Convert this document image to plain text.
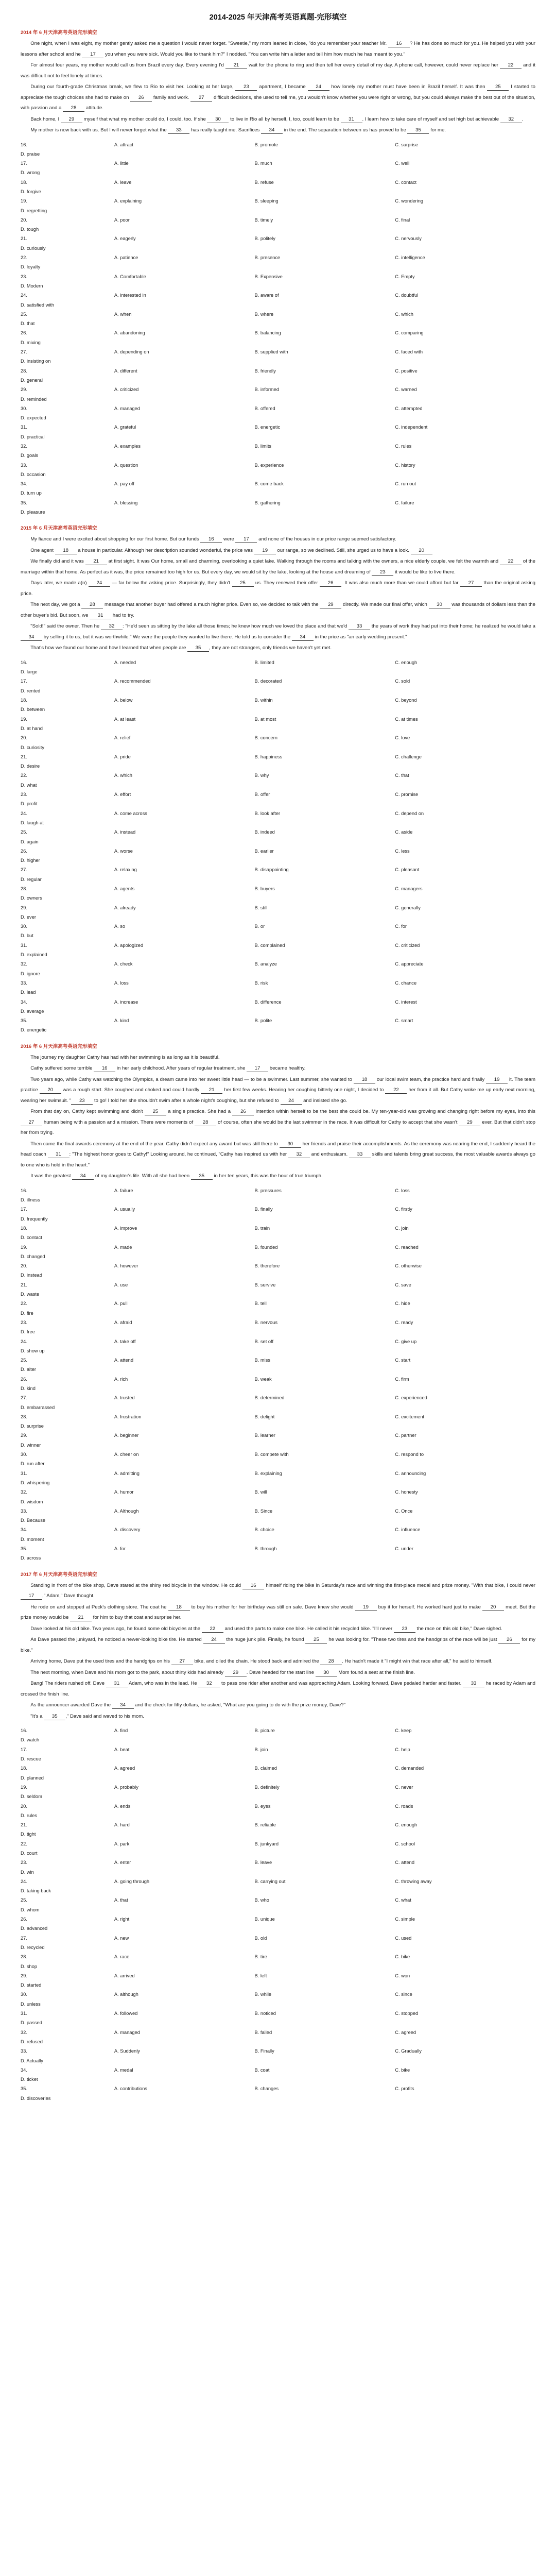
2014-2025 年天津高考英语真题-完形填空
2014 年 6 月天津高考英语完形填空

One night, when I was eight, my mother gently asked me a question I would never forget. "Sweetie," my mom leaned in close, "do you remember your teacher Mr. 16 ? He has done so much for you. He helped you with your lessons after school and he 17 you when you were sick. Would you like to thank him?" I nodded. "You can write him a letter and tell him how much he has meant to you."

For almost four years, my mother would call us from Brazil every day. Every evening I'd 21 wait for the phone to ring and then tell her every detail of my day. A phone call, however, could never replace her 22 and it was difficult not to feel lonely at times.

During our fourth-grade Christmas break, we flew to Rio to visit her. Looking at her large, 23 apartment, I became 24 how lonely my mother must have been in Brazil herself. It was then 25 I started to appreciate the tough choices she had to make on 26 family and work. 27 difficult decisions, she used to tell me, you wouldn't know whether you were right or wrong, but you could always make the best out of the situation, with passion and a 28 attitude.

Back home, I 29 myself that what my mother could do, I could, too. If she 30 to live in Rio all by herself, I, too, could learn to be 31 . I learn how to take care of myself and set high but achievable 32 .

My mother is now back with us. But I will never forget what the 33 has really taught me. Sacrifices 34 in the end. The separation between us has proved to be 35 for me.

16.	A. attract	B. promote	C. surprise
D. praise
17.	A. little	B. much	C. well
D. wrong
18.	A. leave	B. refuse	C. contact
D. forgive
19.	A. explaining	B. sleeping	C. wondering
D. regretting
20.	A. poor	B. timely	C. final
D. tough
21.	A. eagerly	B. politely	C. nervously
D. curiously
22.	A. patience	B. presence	C. intelligence
D. loyalty
23.	A. Comfortable	B. Expensive	C. Empty
D. Modern
24.	A. interested in	B. aware of	C. doubtful
D. satisfied with
25.	A. when	B. where	C. which
D. that
26.	A. abandoning	B. balancing	C. comparing
D. mixing
27.	A. depending on	B. supplied with	C. faced with
D. insisting on
28.	A. different	B. friendly	C. positive
D. general
29.	A. criticized	B. informed	C. warned
D. reminded
30.	A. managed	B. offered	C. attempted
D. expected
31.	A. grateful	B. energetic	C. independent
D. practical
32.	A. examples	B. limits	C. rules
D. goals
33.	A. question	B. experience	C. history
D. occasion
34.	A. pay off	B. come back	C. run out
D. turn up
35.	A. blessing	B. gathering	C. failure
D. pleasure
2015 年 6 月天津高考英语完形填空

My fiance and I were excited about shopping for our first home. But our funds 16 were 17 and none of the houses in our price range seemed satisfactory.

One agent 18 a house in particular. Although her description sounded wonderful, the price was 19 our range, so we declined. Still, she urged us to have a look. 20

We finally did and it was 21 at first sight. It was Our home, small and charming, overlooking a quiet lake. Walking through the rooms and talking with the owners, a nice elderly couple, we felt the warmth and 22 of the marriage within that home. As perfect as it was, the price remained too high for us. But every day, we would sit by the lake, looking at the house and dreaming of 23 it would be like to live there.

Days later, we made a(n) 24 — far below the asking price. Surprisingly, they didn't 25 us. They renewed their offer 26 . It was also much more than we could afford but far 27 than the original asking price.

The next day, we got a 28 message that another buyer had offered a much higher price. Even so, we decided to talk with the 29 directly. We made our final offer, which 30 was thousands of dollars less than the other buyer's bid. But soon, we 31 had to try.

"Sold!" said the owner. Then he 32 : "He'd seen us sitting by the lake all those times; he knew how much we loved the place and that we'd 33 the years of work they had put into their home; he realized he would take a 34 by selling it to us, but it was worthwhile." We were the people they wanted to live there. He told us to consider the 34 in the price as "an early wedding present."

That's how we found our home and how I learned that when people are 35 , they are not strangers, only friends we haven't yet met.

16.	A. needed	B. limited	C. enough
D. large
17.	A. recommended	B. decorated	C. sold
D. rented
18.	A. below	B. within	C. beyond
D. between
19.	A. at least	B. at most	C. at times
D. at hand
20.	A. relief	B. concern	C. love
D. curiosity
21.	A. pride	B. happiness	C. challenge
D. desire
22.	A. which	B. why	C. that
D. what
23.	A. effort	B. offer	C. promise
D. profit
24.	A. come across	B. look after	C. depend on
D. laugh at
25.	A. instead	B. indeed	C. aside
D. again
26.	A. worse	B. earlier	C. less
D. higher
27.	A. relaxing	B. disappointing	C. pleasant
D. regular
28.	A. agents	B. buyers	C. managers
D. owners
29.	A. already	B. still	C. generally
D. ever
30.	A. so	B. or	C. for
D. but
31.	A. apologized	B. complained	C. criticized
D. explained
32.	A. check	B. analyze	C. appreciate
D. ignore
33.	A. loss	B. risk	C. chance
D. lead
34.	A. increase	B. difference	C. interest
D. average
35.	A. kind	B. polite	C. smart
D. energetic
2016 年 6 月天津高考英语完形填空

The journey my daughter Cathy has had with her swimming is as long as it is beautiful.

Cathy suffered some terrible 16 in her early childhood. After years of regular treatment, she 17 became healthy.

Two years ago, while Cathy was watching the Olympics, a dream came into her sweet little head — to be a swimmer. Last summer, she wanted to 18 our local swim team, the practice hard and finally 19 it. The team practice 20 was a rough start. She coughed and choked and could hardly 21 her first few weeks. Hearing her coughing bitterly one night, I decided to 22 her from it all. But Cathy woke me up early next morning, wearing her swimsuit. " 23 to go! I told her she shouldn't swim after a whole night's coughing, but she refused to 24 and insisted she go.

From that day on, Cathy kept swimming and didn't 25 a single practice. She had a 26 intention within herself to be the best she could be. My ten-year-old was growing and changing right before my eyes, into this 27 human being with a passion and a mission. There were moments of 28 of course, often she would be the last swimmer in the race. It was difficult for Cathy to accept that she wasn't 29 ever. But that didn't stop her from trying.

Then came the final awards ceremony at the end of the year. Cathy didn't expect any award but was still there to 30 her friends and praise their accomplishments. As the ceremony was nearing the end, I suddenly heard the head coach 31 : "The highest honor goes to Cathy!" Looking around, he continued, "Cathy has inspired us with her 32 and enthusiasm. 33 skills and talents bring great success, the most valuable awards always go to one who is hold in the heart."

It was the greatest 34 of my daughter's life. With all she had been 35 in her ten years, this was the hour of true triumph.

16.	A. failure	B. pressures	C. loss
D. illness
17.	A. usually	B. finally	C. firstly
D. frequently
18.	A. improve	B. train	C. join
D. contact
19.	A. made	B. founded	C. reached
D. changed
20.	A. however	B. therefore	C. otherwise
D. instead
21.	A. use	B. survive	C. save
D. waste
22.	A. pull	B. tell	C. hide
D. fire
23.	A. afraid	B. nervous	C. ready
D. free
24.	A. take off	B. set off	C. give up
D. show up
25.	A. attend	B. miss	C. start
D. alter
26.	A. rich	B. weak	C. firm
D. kind
27.	A. trusted	B. determined	C. experienced
D. embarrassed
28.	A. frustration	B. delight	C. excitement
D. surprise
29.	A. beginner	B. learner	C. partner
D. winner
30.	A. cheer on	B. compete with	C. respond to
D. run after
31.	A. admitting	B. explaining	C. announcing
D. whispering
32.	A. humor	B. will	C. honesty
D. wisdom
33.	A. Although	B. Since	C. Once
D. Because
34.	A. discovery	B. choice	C. influence
D. moment
35.	A. for	B. through	C. under
D. across
2017 年 6 月天津高考英语完形填空

Standing in front of the bike shop, Dave stared at the shiny red bicycle in the window. He could 16 himself riding the bike in Saturday's race and winning the first-place medal and prize money. "With that bike, I could never 17 ," Adam," Dave thought.

He rode on and stopped at Peck's clothing store. The coat he 18 to buy his mother for her birthday was still on sale. Dave knew she would 19 buy it for herself. He worked hard just to make 20 meet. But the prize money would be 21 for him to buy that coat and surprise her.

Dave looked at his old bike. Two years ago, he found some old bicycles at the 22 and used the parts to make one bike. He called it his recycled bike. "I'll never 23 the race on this old bike," Dave sighed.

As Dave passed the junkyard, he noticed a newer-looking bike tire. He started 24 the huge junk pile. Finally, he found 25 he was looking for. "These two tires and the handgrips of the race will be just 26 for my bike."

Arriving home, Dave put the used tires and the handgrips on his 27 bike, and oiled the chain. He stood back and admired the 28 . He hadn't made it "I might win that race after all," he said to himself.

The next morning, when Dave and his mom got to the park, about thirty kids had already 29 . Dave headed for the start line 30 Mom found a seat at the finish line.

Bang! The riders rushed off. Dave 31 Adam, who was in the lead. He 32 to pass one rider after another and was approaching Adam. Looking forward, Dave pedaled harder and faster. 33 he raced by Adam and crossed the finish line.

As the announcer awarded Dave the 34 and the check for fifty dollars, he asked, "What are you going to do with the prize money, Dave?"

"It's a 35 ," Dave said and waved to his mom.

16.	A. find	B. picture	C. keep
D. watch
17.	A. beat	B. join	C. help
D. rescue
18.	A. agreed	B. claimed	C. demanded
D. planned
19.	A. probably	B. definitely	C. never
D. seldom
20.	A. ends	B. eyes	C. roads
D. rules
21.	A. hard	B. reliable	C. enough
D. tight
22.	A. park	B. junkyard	C. school
D. court
23.	A. enter	B. leave	C. attend
D. win
24.	A. going through	B. carrying out	C. throwing away
D. taking back
25.	A. that	B. who	C. what
D. whom
26.	A. right	B. unique	C. simple
D. advanced
27.	A. new	B. old	C. used
D. recycled
28.	A. race	B. tire	C. bike
D. shop
29.	A. arrived	B. left	C. won
D. started
30.	A. although	B. while	C. since
D. unless
31.	A. followed	B. noticed	C. stopped
D. passed
32.	A. managed	B. failed	C. agreed
D. refused
33.	A. Suddenly	B. Finally	C. Gradually
D. Actually
34.	A. medal	B. coat	C. bike
D. ticket
35.	A. contributions	B. changes	C. profits
D. discoveries
